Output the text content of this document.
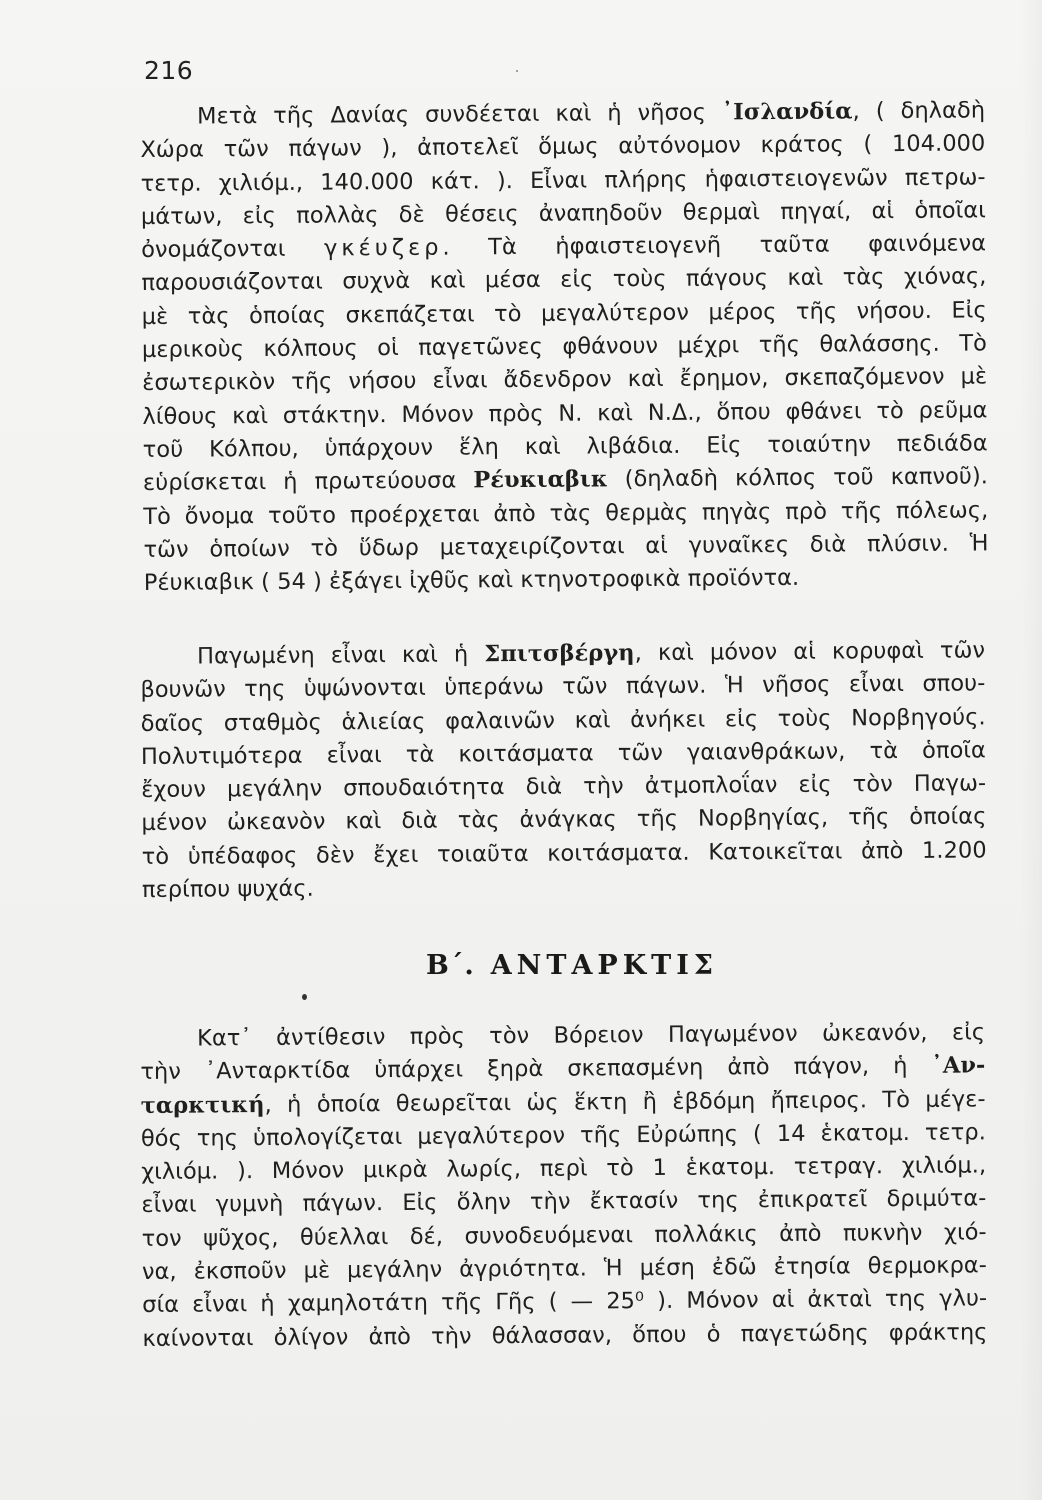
216
Μετὰ τῆς Δανίας συνδέεται καὶ ἡ νῆσος ᾿Ισλανδία, ( δηλαδὴ
Χώρα τῶν πάγων ), ἀποτελεῖ ὅμως αὐτόνομον κράτος ( 104.000
τετρ. χιλιόμ., 140.000 κάτ. ). Εἶναι πλήρης ἡφαιστειογενῶν πετρω-
μάτων, εἰς πολλὰς δὲ θέσεις ἀναπηδοῦν θερμαὶ πηγαί, αἱ ὁποῖαι
ὀνομάζονται γκέυζερ. Τὰ ἡφαιστειογενῆ ταῦτα φαινόμενα
παρουσιάζονται συχνὰ καὶ μέσα εἰς τοὺς πάγους καὶ τὰς χιόνας,
μὲ τὰς ὁποίας σκεπάζεται τὸ μεγαλύτερον μέρος τῆς νήσου. Εἰς
μερικοὺς κόλπους οἱ παγετῶνες φθάνουν μέχρι τῆς θαλάσσης. Τὸ
ἐσωτερικὸν τῆς νήσου εἶναι ἄδενδρον καὶ ἔρημον, σκεπαζόμενον μὲ
λίθους καὶ στάκτην. Μόνον πρὸς Ν. καὶ Ν.Δ., ὅπου φθάνει τὸ ρεῦμα
τοῦ Κόλπου, ὑπάρχουν ἕλη καὶ λιβάδια. Εἰς τοιαύτην πεδιάδα
εὑρίσκεται ἡ πρωτεύουσα Ρέυκιαβικ (δηλαδὴ κόλπος τοῦ καπνοῦ).
Τὸ ὄνομα τοῦτο προέρχεται ἀπὸ τὰς θερμὰς πηγὰς πρὸ τῆς πόλεως,
τῶν ὁποίων τὸ ὕδωρ μεταχειρίζονται αἱ γυναῖκες διὰ πλύσιν. Ἡ
Ρέυκιαβικ ( 54 ) ἐξάγει ἰχθῦς καὶ κτηνοτροφικὰ προϊόντα.
Παγωμένη εἶναι καὶ ἡ Σπιτσβέργη, καὶ μόνον αἱ κορυφαὶ τῶν
βουνῶν της ὑψώνονται ὑπεράνω τῶν πάγων. Ἡ νῆσος εἶναι σπου-
δαῖος σταθμὸς ἁλιείας φαλαινῶν καὶ ἀνήκει εἰς τοὺς Νορβηγούς.
Πολυτιμότερα εἶναι τὰ κοιτάσματα τῶν γαιανθράκων, τὰ ὁποῖα
ἔχουν μεγάλην σπουδαιότητα διὰ τὴν ἀτμοπλοΐαν εἰς τὸν Παγω-
μένον ὠκεανὸν καὶ διὰ τὰς ἀνάγκας τῆς Νορβηγίας, τῆς ὁποίας
τὸ ὑπέδαφος δὲν ἔχει τοιαῦτα κοιτάσματα. Κατοικεῖται ἀπὸ 1.200
περίπου ψυχάς.
Β΄. ΑΝΤΑΡΚΤΙΣ
Κατ᾿ ἀντίθεσιν πρὸς τὸν Βόρειον Παγωμένον ὠκεανόν, εἰς
τὴν ᾿Ανταρκτίδα ὑπάρχει ξηρὰ σκεπασμένη ἀπὸ πάγον, ἡ ᾿Αν-
ταρκτική, ἡ ὁποία θεωρεῖται ὡς ἕκτη ἢ ἑβδόμη ἤπειρος. Τὸ μέγε-
θός της ὑπολογίζεται μεγαλύτερον τῆς Εὐρώπης ( 14 ἑκατομ. τετρ.
χιλιόμ. ). Μόνον μικρὰ λωρίς, περὶ τὸ 1 ἑκατομ. τετραγ. χιλιόμ.,
εἶναι γυμνὴ πάγων. Εἰς ὅλην τὴν ἔκτασίν της ἐπικρατεῖ δριμύτα-
τον ψῦχος, θύελλαι δέ, συνοδευόμεναι πολλάκις ἀπὸ πυκνὴν χιό-
να, ἐκσποῦν μὲ μεγάλην ἀγριότητα. Ἡ μέση ἐδῶ ἐτησία θερμοκρα-
σία εἶναι ἡ χαμηλοτάτη τῆς Γῆς ( — 25⁰ ). Μόνον αἱ ἀκταὶ της γλυ-
καίνονται ὀλίγον ἀπὸ τὴν θάλασσαν, ὅπου ὁ παγετώδης φράκτης
